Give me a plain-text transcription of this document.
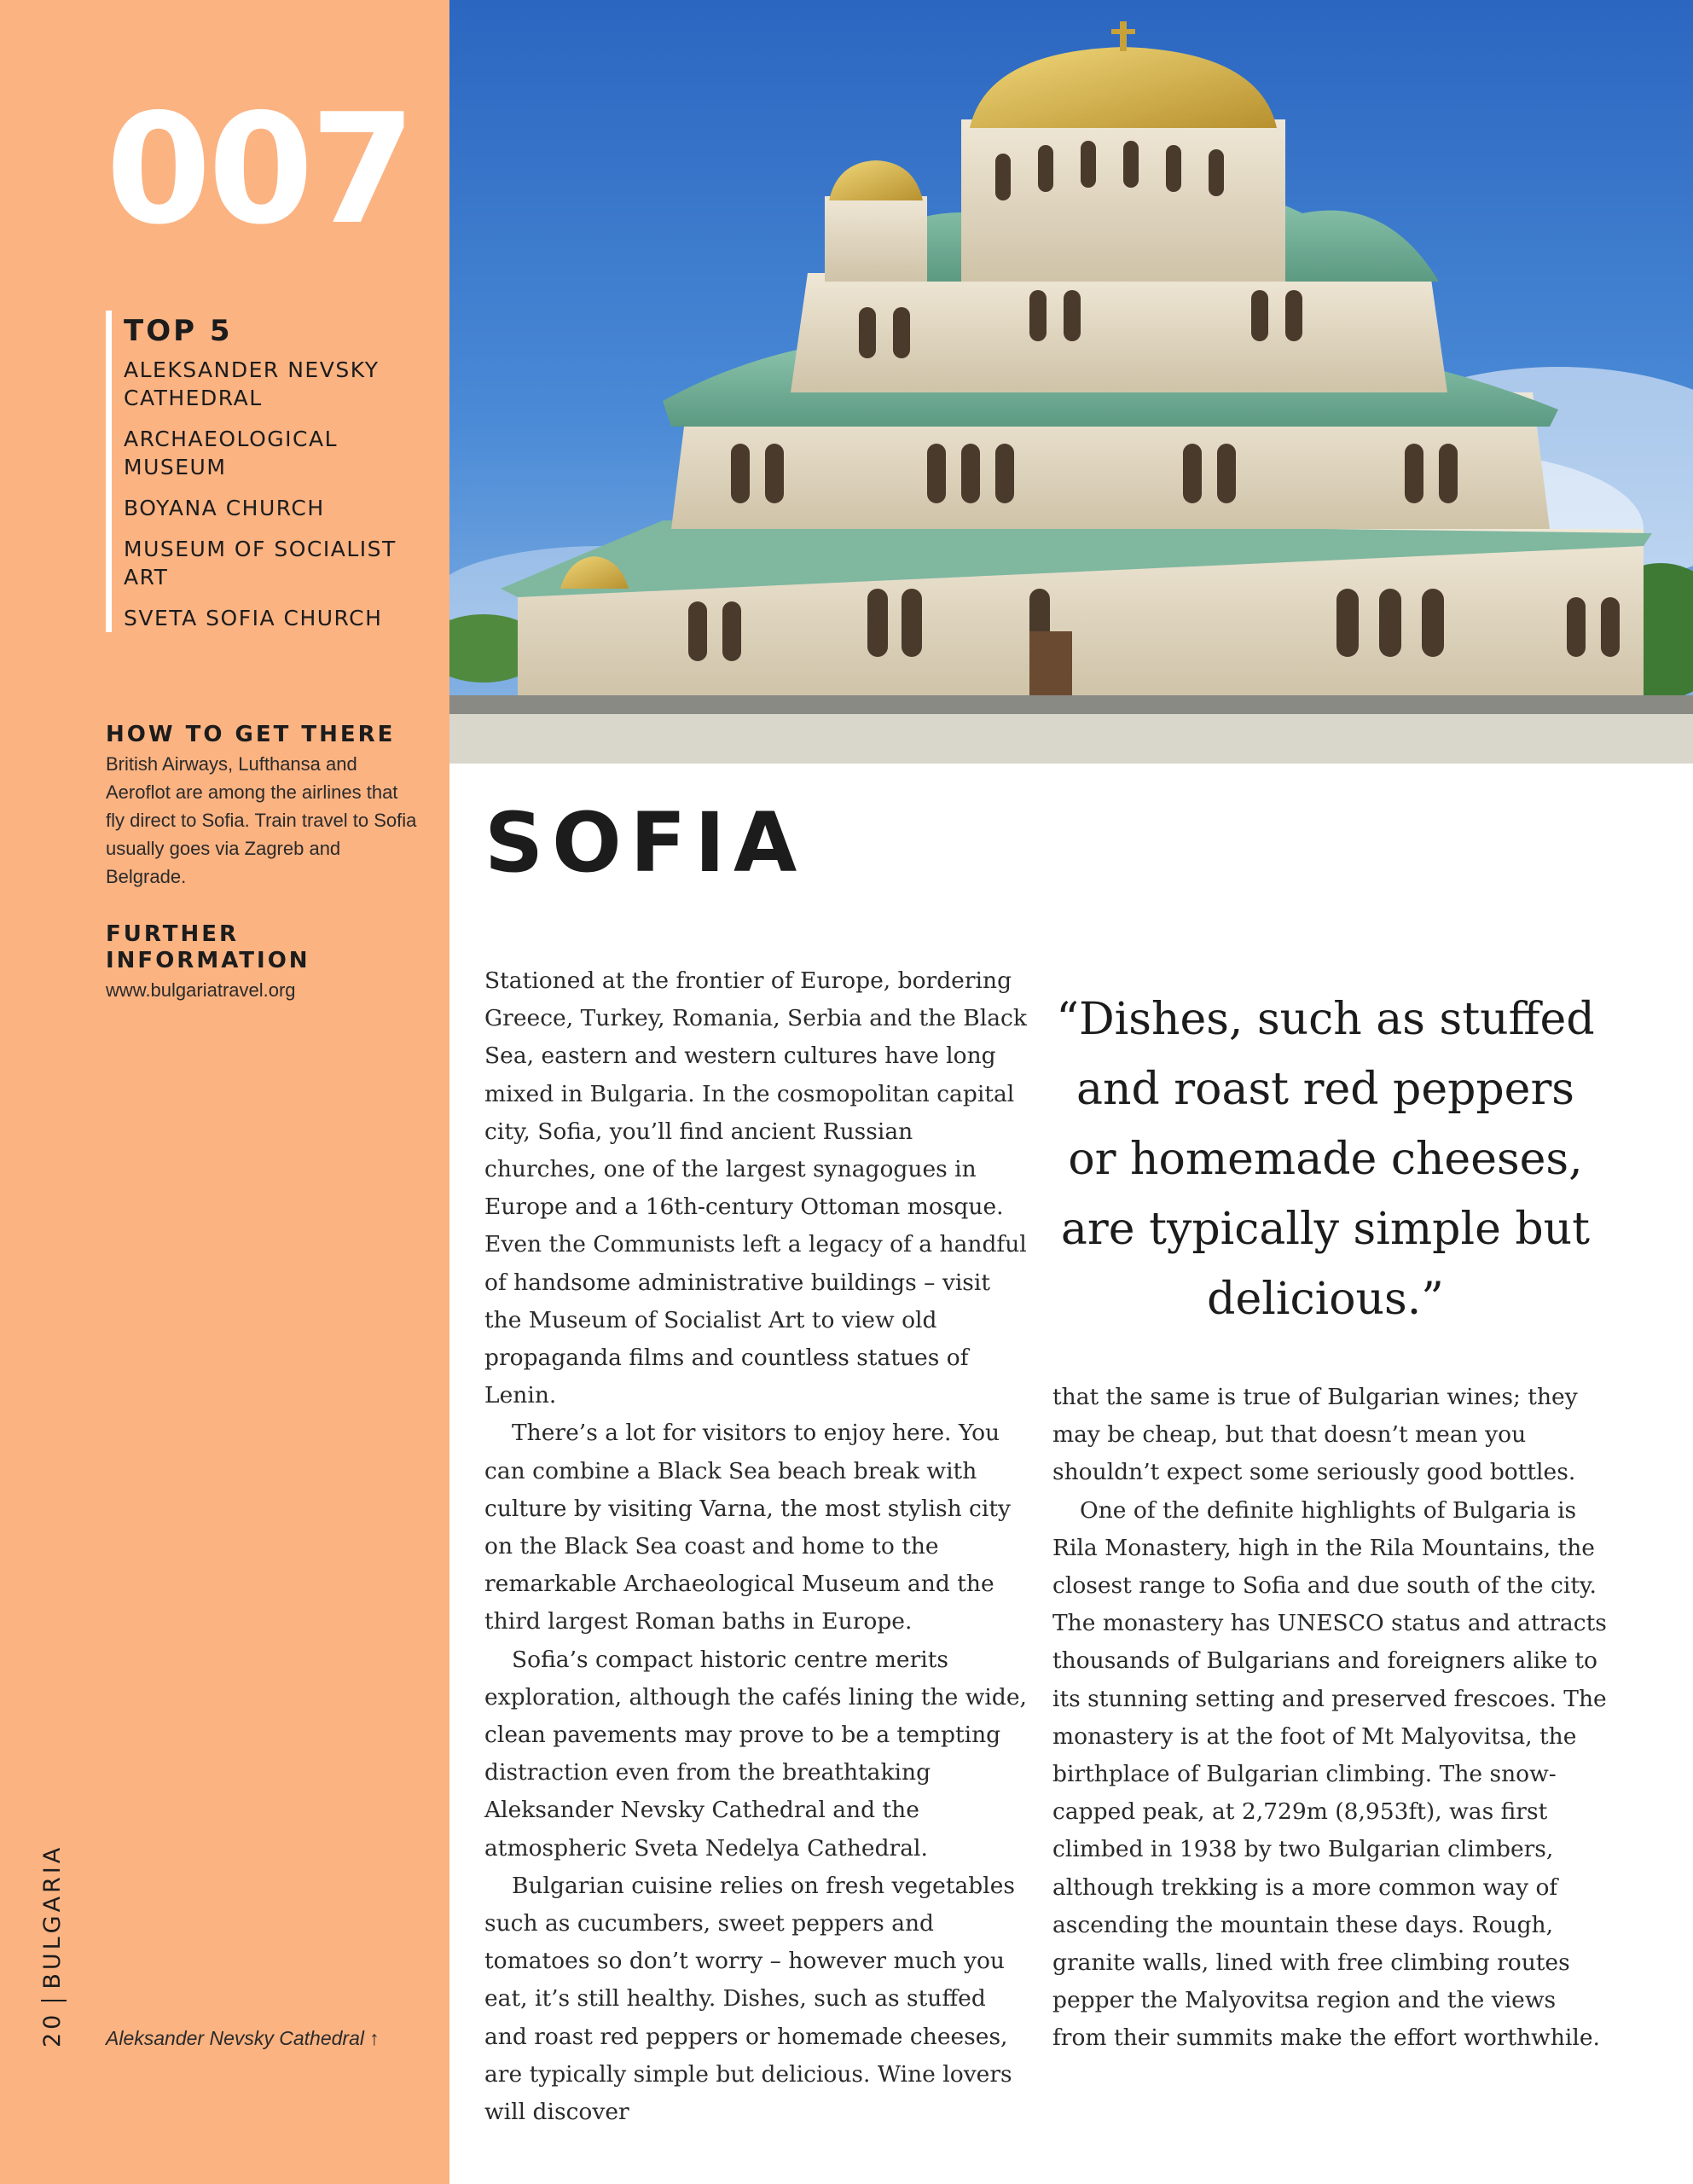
007
TOP 5
ALEKSANDER NEVSKY CATHEDRAL
ARCHAEOLOGICAL MUSEUM
BOYANA CHURCH
MUSEUM OF SOCIALIST ART
SVETA SOFIA CHURCH
HOW TO GET THERE

British Airways, Lufthansa and Aeroflot are among the airlines that fly direct to Sofia. Train travel to Sofia usually goes via Zagreb and Belgrade.

FURTHER INFORMATION

www.bulgariatravel.org

20BULGARIA
Aleksander Nevsky Cathedral ↑
SOFIA

Stationed at the frontier of Europe, bordering Greece, Turkey, Romania, Serbia and the Black Sea, eastern and western cultures have long mixed in Bulgaria. In the cosmopolitan capital city, Sofia, you’ll find ancient Russian churches, one of the largest synagogues in Europe and a 16th-century Ottoman mosque. Even the Communists left a legacy of a handful of handsome administrative buildings – visit the Museum of Socialist Art to view old propaganda films and countless statues of Lenin.

There’s a lot for visitors to enjoy here. You can combine a Black Sea beach break with culture by visiting Varna, the most stylish city on the Black Sea coast and home to the remarkable Archaeological Museum and the third largest Roman baths in Europe.

Sofia’s compact historic centre merits exploration, although the cafés lining the wide, clean pavements may prove to be a tempting distraction even from the breathtaking Aleksander Nevsky Cathedral and the atmospheric Sveta Nedelya Cathedral.

Bulgarian cuisine relies on fresh vegetables such as cucumbers, sweet peppers and tomatoes so don’t worry – however much you eat, it’s still healthy. Dishes, such as stuffed and roast red peppers or homemade cheeses, are typically simple but delicious. Wine lovers will discover

“Dishes, such as stuffed and roast red peppers or homemade cheeses, are typically simple but delicious.”

that the same is true of Bulgarian wines; they may be cheap, but that doesn’t mean you shouldn’t expect some seriously good bottles.

One of the definite highlights of Bulgaria is Rila Monastery, high in the Rila Mountains, the closest range to Sofia and due south of the city. The monastery has UNESCO status and attracts thousands of Bulgarians and foreigners alike to its stunning setting and preserved frescoes. The monastery is at the foot of Mt Malyovitsa, the birthplace of Bulgarian climbing. The snow-capped peak, at 2,729m (8,953ft), was first climbed in 1938 by two Bulgarian climbers, although trekking is a more common way of ascending the mountain these days. Rough, granite walls, lined with free climbing routes pepper the Malyovitsa region and the views from their summits make the effort worthwhile.
